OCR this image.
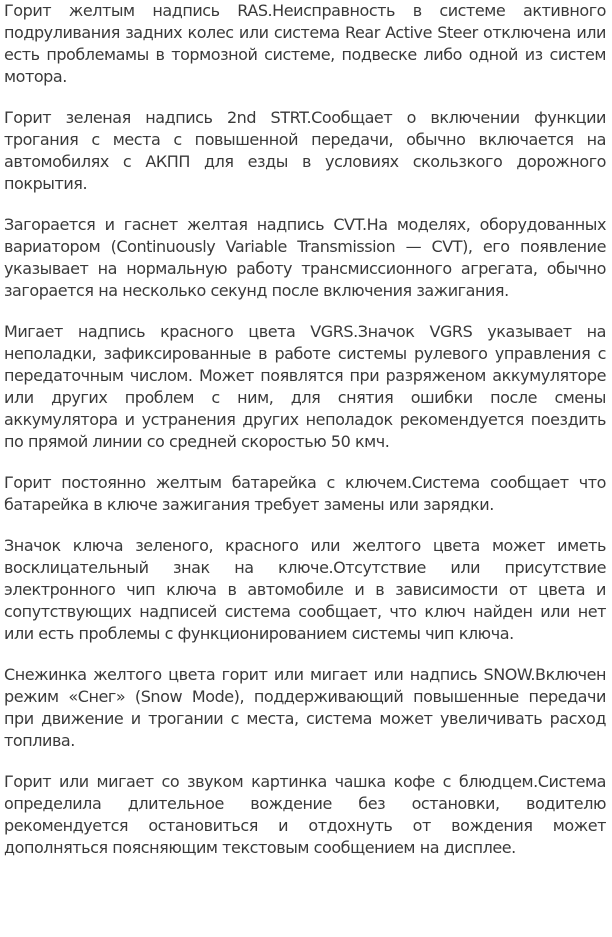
Горит желтым надпись RAS.Неисправность в системе активного подруливания задних колес или система Rear Active Steer отключена или есть проблемамы в тормозной системе, подвеске либо одной из систем мотора.

Горит зеленая надпись 2nd STRT.Сообщает о включении функции трогания с места с повышенной передачи, обычно включается на автомобилях с АКПП для езды в условиях скользкого дорожного покрытия.

Загорается и гаснет желтая надпись CVT.На моделях, оборудованных вариатором (Continuously Variable Transmission — CVT), его появление указывает на нормальную работу трансмиссионного агрегата, обычно загорается на несколько секунд после включения зажигания.

Мигает надпись красного цвета VGRS.Значок VGRS указывает на неполадки, зафиксированные в работе системы рулевого управления с передаточным числом. Может появлятся при разряженом аккумуляторе или других проблем с ним, для снятия ошибки после смены аккумулятора и устранения других неполадок рекомендуется поездить по прямой линии со средней скоростью 50 кмч.

Горит постоянно желтым батарейка с ключем.Система сообщает что батарейка в ключе зажигания требует замены или зарядки.

Значок ключа зеленого, красного или желтого цвета может иметь восклицательный знак на ключе.Отсутствие или присутствие электронного чип ключа в автомобиле и в зависимости от цвета и сопутствующих надписей система сообщает, что ключ найден или нет или есть проблемы с функционированием системы чип ключа.

Снежинка желтого цвета горит или мигает или надпись SNOW.Включен режим «Снег» (Snow Mode), поддерживающий повышенные передачи при движение и трогании с места, система может увеличивать расход топлива.

Горит или мигает со звуком картинка чашка кофе с блюдцем.Система определила длительное вождение без остановки, водителю рекомендуется остановиться и отдохнуть от вождения может дополняться поясняющим текстовым сообщением на дисплее.
